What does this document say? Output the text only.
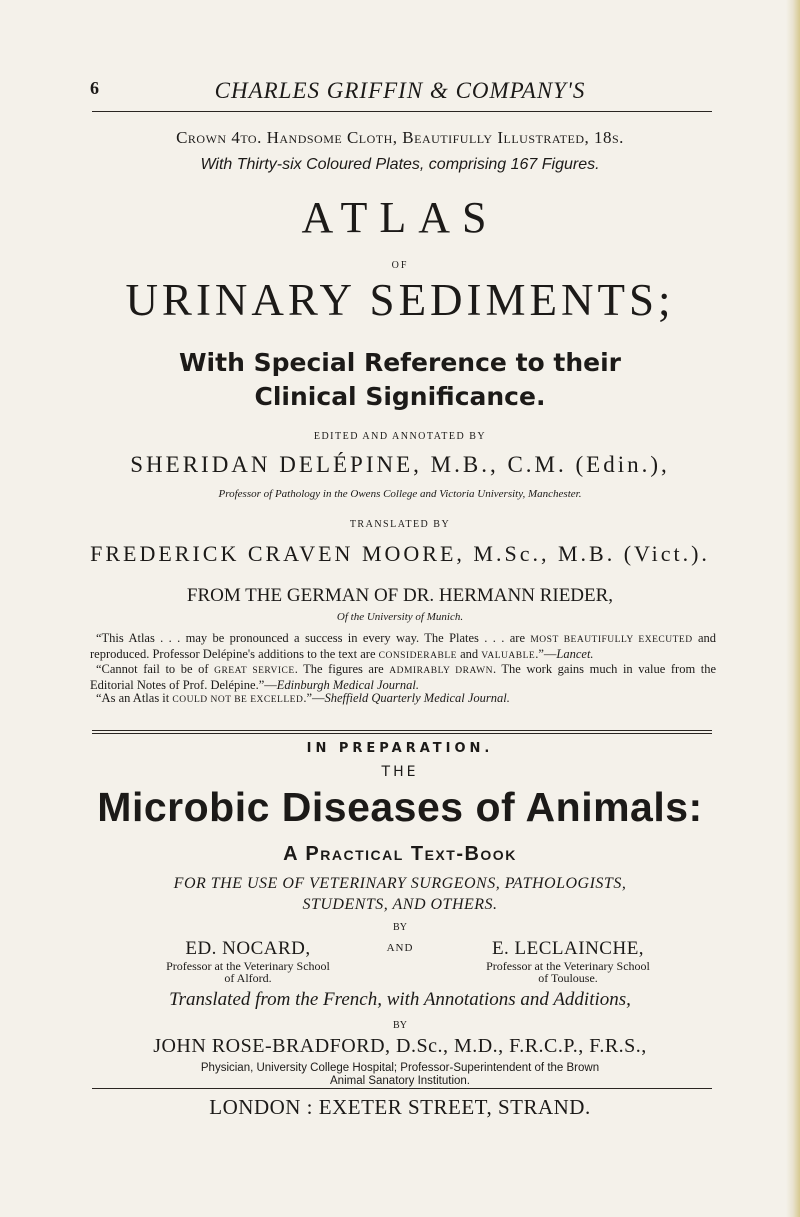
6	CHARLES GRIFFIN & COMPANY'S
Crown 4to. Handsome Cloth, Beautifully Illustrated, 18s.
With Thirty-six Coloured Plates, comprising 167 Figures.
ATLAS
OF
URINARY SEDIMENTS;
With Special Reference to their
Clinical Significance.
EDITED AND ANNOTATED BY
SHERIDAN DELÉPINE, M.B., C.M. (Edin.),
Professor of Pathology in the Owens College and Victoria University, Manchester.
TRANSLATED BY
FREDERICK CRAVEN MOORE, M.Sc., M.B. (Vict.).
FROM THE GERMAN OF DR. HERMANN RIEDER,
Of the University of Munich.

“This Atlas . . . may be pronounced a success in every way. The Plates . . . are MOST BEAUTIFULLY EXECUTED and reproduced. Professor Delépine's additions to the text are CONSIDERABLE and VALUABLE.”—Lancet.

“Cannot fail to be of GREAT SERVICE. The figures are ADMIRABLY DRAWN. The work gains much in value from the Editorial Notes of Prof. Delépine.”—Edinburgh Medical Journal.

“As an Atlas it COULD NOT BE EXCELLED.”—Sheffield Quarterly Medical Journal.

IN PREPARATION.
THE
Microbic Diseases of Animals:
A Practical Text-Book
FOR THE USE OF VETERINARY SURGEONS, PATHOLOGISTS,
STUDENTS, AND OTHERS.
BY
ED. NOCARD,
Professor at the Veterinary School
of Alford.
AND	E. LECLAINCHE,
Professor at the Veterinary School
of Toulouse.
Translated from the French, with Annotations and Additions,
BY
JOHN ROSE-BRADFORD, D.Sc., M.D., F.R.C.P., F.R.S.,
Physician, University College Hospital; Professor-Superintendent of the Brown
Animal Sanatory Institution.
LONDON : EXETER STREET, STRAND.
